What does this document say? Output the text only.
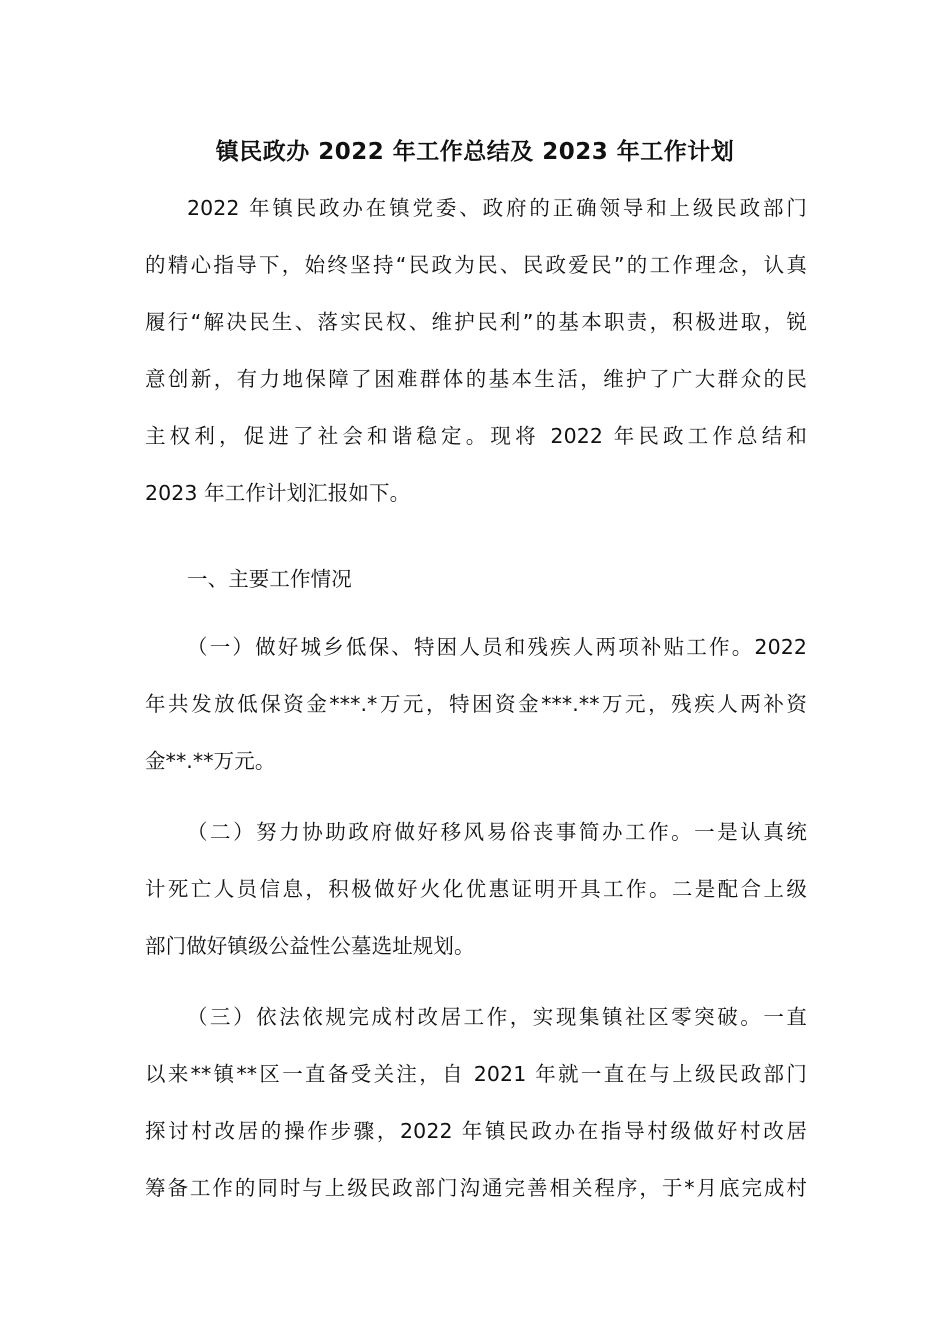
镇民政办 2022 年工作总结及 2023 年工作计划
2022 年镇民政办在镇党委、政府的正确领导和上级民政部门
的精心指导下，始终坚持“民政为民、民政爱民”的工作理念，认真
履行“解决民生、落实民权、维护民利”的基本职责，积极进取，锐
意创新，有力地保障了困难群体的基本生活，维护了广大群众的民
主权利，促进了社会和谐稳定。现将 2022 年民政工作总结和
2023 年工作计划汇报如下。
一、主要工作情况
（一）做好城乡低保、特困人员和残疾人两项补贴工作。2022
年共发放低保资金***.*万元，特困资金***.**万元，残疾人两补资
金**.**万元。
（二）努力协助政府做好移风易俗丧事简办工作。一是认真统
计死亡人员信息，积极做好火化优惠证明开具工作。二是配合上级
部门做好镇级公益性公墓选址规划。
（三）依法依规完成村改居工作，实现集镇社区零突破。一直
以来**镇**区一直备受关注，自 2021 年就一直在与上级民政部门
探讨村改居的操作步骤，2022 年镇民政办在指导村级做好村改居
筹备工作的同时与上级民政部门沟通完善相关程序，于*月底完成村
